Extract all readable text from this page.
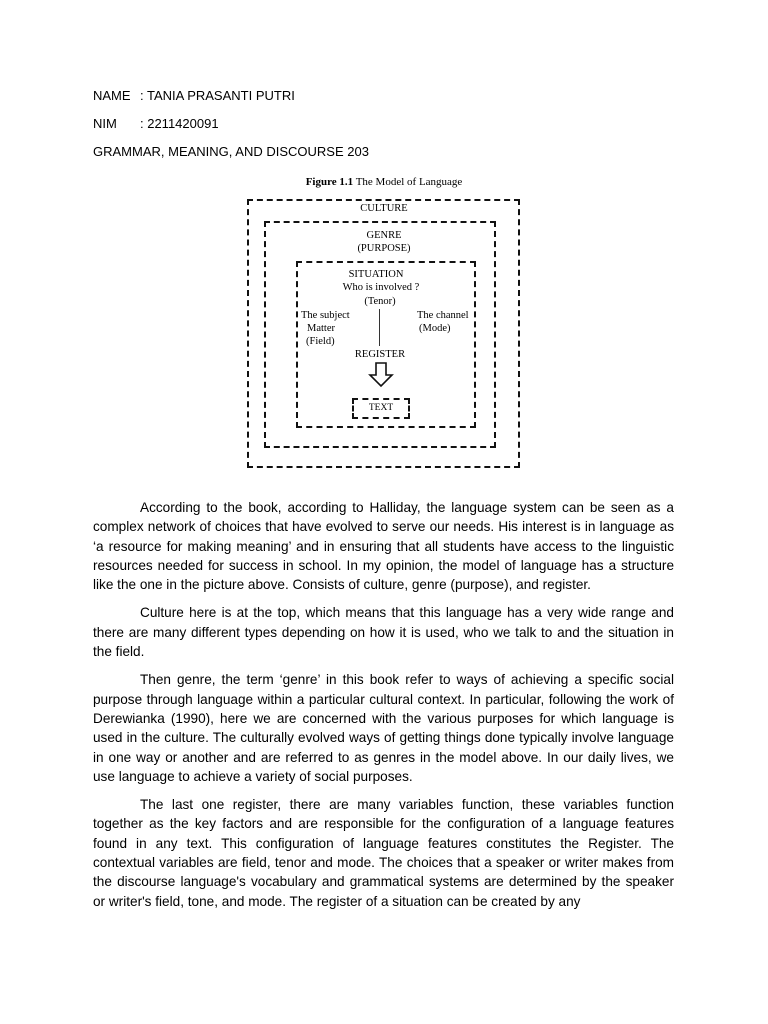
NAME : TANIA PRASANTI PUTRI
NIM : 2211420091
GRAMMAR, MEANING, AND DISCOURSE 203
Figure 1.1 The Model of Language
CULTURE
GENRE
(PURPOSE)
SITUATION
Who is involved ?
(Tenor)
The subject
Matter
(Field)
The channel
(Mode)
REGISTER
TEXT

According to the book, according to Halliday, the language system can be seen as a complex network of choices that have evolved to serve our needs. His interest is in language as ‘a resource for making meaning’ and in ensuring that all students have access to the linguistic resources needed for success in school. In my opinion, the model of language has a structure like the one in the picture above. Consists of culture, genre (purpose), and register.

Culture here is at the top, which means that this language has a very wide range and there are many different types depending on how it is used, who we talk to and the situation in the field.

Then genre, the term ‘genre’ in this book refer to ways of achieving a specific social purpose through language within a particular cultural context. In particular, following the work of Derewianka (1990), here we are concerned with the various purposes for which language is used in the culture. The culturally evolved ways of getting things done typically involve language in one way or another and are referred to as genres in the model above. In our daily lives, we use language to achieve a variety of social purposes.

The last one register, there are many variables function, these variables function together as the key factors and are responsible for the configuration of a language features found in any text. This configuration of language features constitutes the Register. The contextual variables are field, tenor and mode. The choices that a speaker or writer makes from the discourse language's vocabulary and grammatical systems are determined by the speaker or writer's field, tone, and mode. The register of a situation can be created by any
